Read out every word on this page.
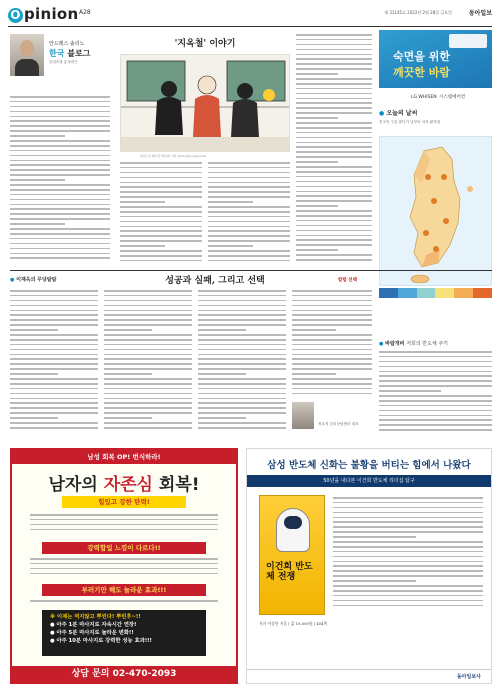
O pinion A28	제 31145호 2022년 2월 28일 금요일	동아일보
안드레스 솔리노
한국 블로그
롯데호텔 총지배인
'지옥철' 이야기
일러스트레이션 박초희 기자 photo@donga.com
숙면을 위한
깨끗한 바람
LG WHISEN 시스템에어컨
● 오늘의 날씨
전국이 구름 많다가 낮부터 차차 맑아짐.
● 이재옥의 무당탐탐	성공과 실패, 그리고 선택	칼럼 선택
정호성 심리상담센터 대표
● 바람개비 저희의 반도체 쿠키
남성 회복 OP! 번식하라!
남자의 자존심 회복!
힘있고 강한 탄력!
강력합입 느낌이 다르다!!
부러기만 해도 놀라운 효과!!!
※ 이제는 먹지않고 뿌린다! 뿌린후~!!
● 아주 1분 마사지로 자속시간 연장!
● 아주 5분 마사지로 놀라운 변화!!
● 아주 10분 마사지로 강력한 성능 효과!!!
상담 문의 02-470-2093
삼성 반도체 신화는 불황을 버티는 힘에서 나왔다
50년을 내다본 이건희 반도체 리더십 탐구
이건희 반도체 전쟁
저자 이종한 지음 | 값 16,000원 | 404쪽
동아일보사
